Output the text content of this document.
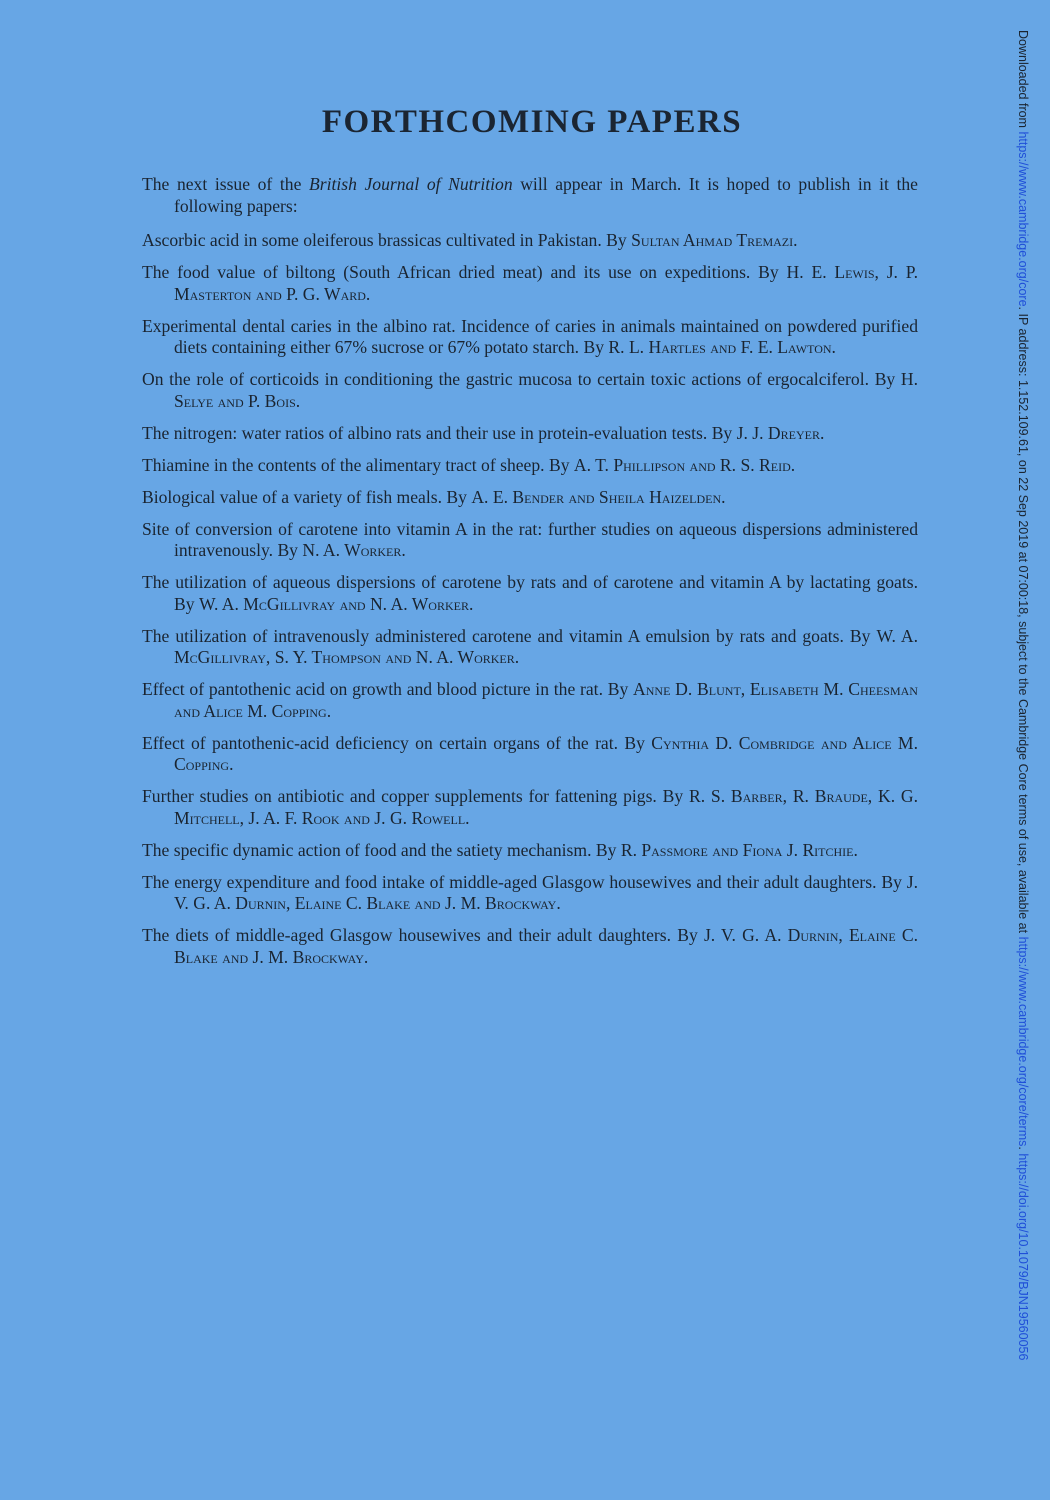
FORTHCOMING PAPERS

The next issue of the British Journal of Nutrition will appear in March. It is hoped to publish in it the following papers:

Ascorbic acid in some oleiferous brassicas cultivated in Pakistan. By Sultan Ahmad Tremazi.

The food value of biltong (South African dried meat) and its use on expeditions. By H. E. Lewis, J. P. Masterton and P. G. Ward.

Experimental dental caries in the albino rat. Incidence of caries in animals maintained on powdered purified diets containing either 67% sucrose or 67% potato starch. By R. L. Hartles and F. E. Lawton.

On the role of corticoids in conditioning the gastric mucosa to certain toxic actions of ergocalciferol. By H. Selye and P. Bois.

The nitrogen: water ratios of albino rats and their use in protein-evaluation tests. By J. J. Dreyer.

Thiamine in the contents of the alimentary tract of sheep. By A. T. Phillipson and R. S. Reid.

Biological value of a variety of fish meals. By A. E. Bender and Sheila Haizelden.

Site of conversion of carotene into vitamin A in the rat: further studies on aqueous dispersions administered intravenously. By N. A. Worker.

The utilization of aqueous dispersions of carotene by rats and of carotene and vitamin A by lactating goats. By W. A. McGillivray and N. A. Worker.

The utilization of intravenously administered carotene and vitamin A emulsion by rats and goats. By W. A. McGillivray, S. Y. Thompson and N. A. Worker.

Effect of pantothenic acid on growth and blood picture in the rat. By Anne D. Blunt, Elisabeth M. Cheesman and Alice M. Copping.

Effect of pantothenic-acid deficiency on certain organs of the rat. By Cynthia D. Combridge and Alice M. Copping.

Further studies on antibiotic and copper supplements for fattening pigs. By R. S. Barber, R. Braude, K. G. Mitchell, J. A. F. Rook and J. G. Rowell.

The specific dynamic action of food and the satiety mechanism. By R. Passmore and Fiona J. Ritchie.

The energy expenditure and food intake of middle-aged Glasgow housewives and their adult daughters. By J. V. G. A. Durnin, Elaine C. Blake and J. M. Brockway.

The diets of middle-aged Glasgow housewives and their adult daughters. By J. V. G. A. Durnin, Elaine C. Blake and J. M. Brockway.

Downloaded from https://www.cambridge.org/core. IP address: 1.152.109.61, on 22 Sep 2019 at 07:00:18, subject to the Cambridge Core terms of use, available at https://www.cambridge.org/core/terms. https://doi.org/10.1079/BJN19560056
